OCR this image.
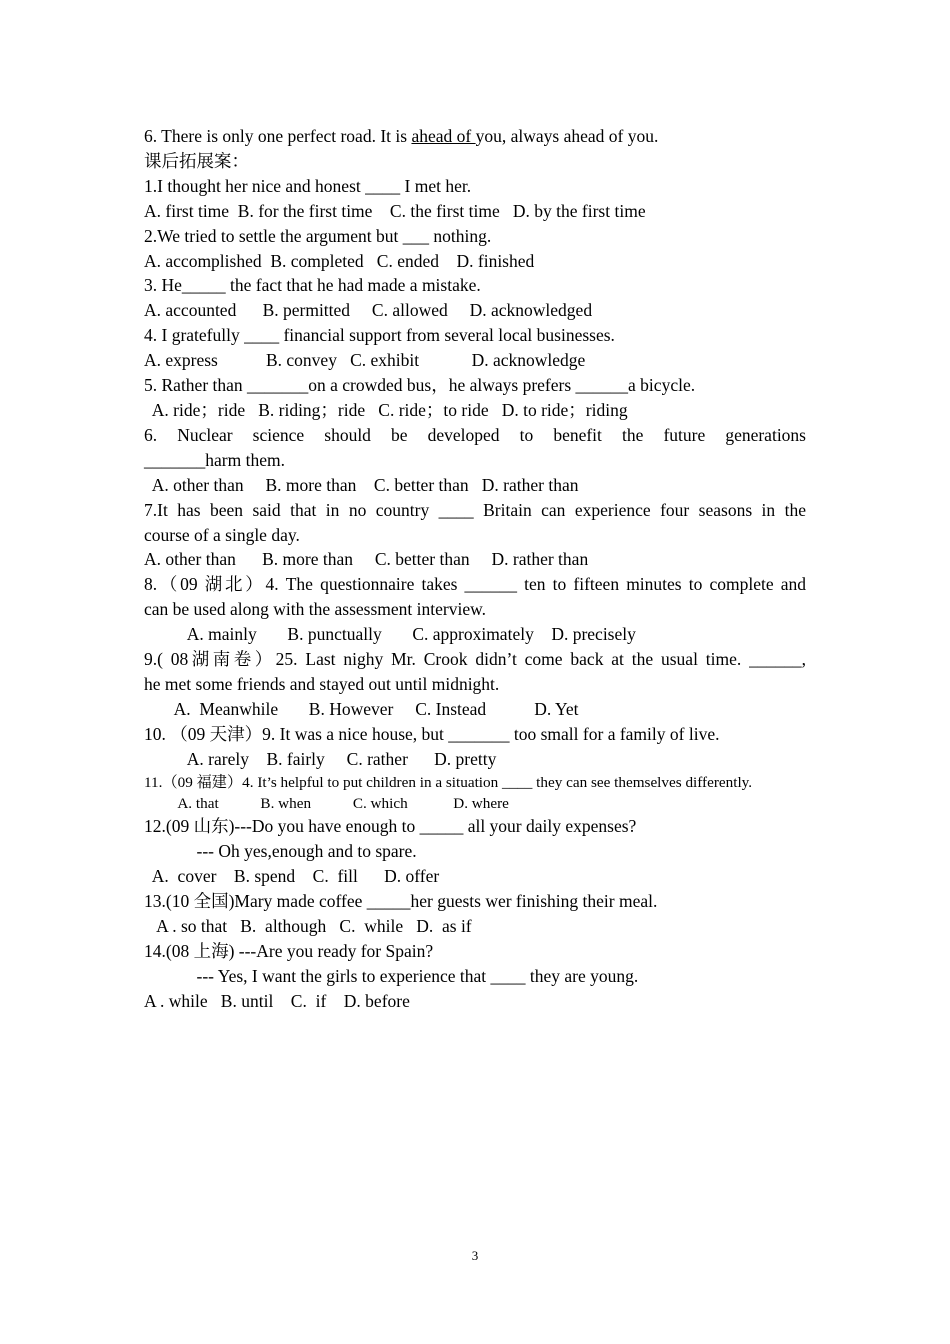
6. There is only one perfect road. It is ahead of you, always ahead of you.
课后拓展案：
1.I thought her nice and honest ____ I met her.
A. first time  B. for the first time    C. the first time   D. by the first time
2.We tried to settle the argument but ___ nothing.
A. accomplished  B. completed   C. ended    D. finished
3. He_____ the fact that he had made a mistake.
A. accounted      B. permitted     C. allowed     D. acknowledged
4. I gratefully ____ financial support from several local businesses.
A. express           B. convey   C. exhibit            D. acknowledge
5. Rather than _______on a crowded bus，he always prefers ______a bicycle.
A. ride；ride   B. riding；ride   C. ride；to ride   D. to ride；riding
6. Nuclear science should be developed to benefit the future generations
_______harm them.
A. other than     B. more than    C. better than   D. rather than
7.It has been said that in no country ____ Britain can experience four seasons in the
course of a single day.
A. other than      B. more than     C. better than     D. rather than
8.（09 湖北）4. The questionnaire takes ______ ten to fifteen minutes to complete and
can be used along with the assessment interview.
A. mainly       B. punctually       C. approximately    D. precisely
9.( 08湖南卷）25. Last nighy Mr. Crook didn’t come back at the usual time. ______,
he met some friends and stayed out until midnight.
A.  Meanwhile       B. However     C. Instead           D. Yet
10. （09 天津）9. It was a nice house, but _______ too small for a family of live.
A. rarely    B. fairly     C. rather      D. pretty
11.（09 福建）4. It’s helpful to put children in a situation ____ they can see themselves differently.
A. that           B. when           C. which            D. where
12.(09 山东)---Do you have enough to _____ all your daily expenses?
--- Oh yes,enough and to spare.
A.  cover    B. spend    C.  fill      D. offer
13.(10 全国)Mary made coffee _____her guests wer finishing their meal.
A . so that   B.  although   C.  while   D.  as if
14.(08 上海) ---Are you ready for Spain?
--- Yes, I want the girls to experience that ____ they are young.
A . while   B. until    C.  if    D. before
3
